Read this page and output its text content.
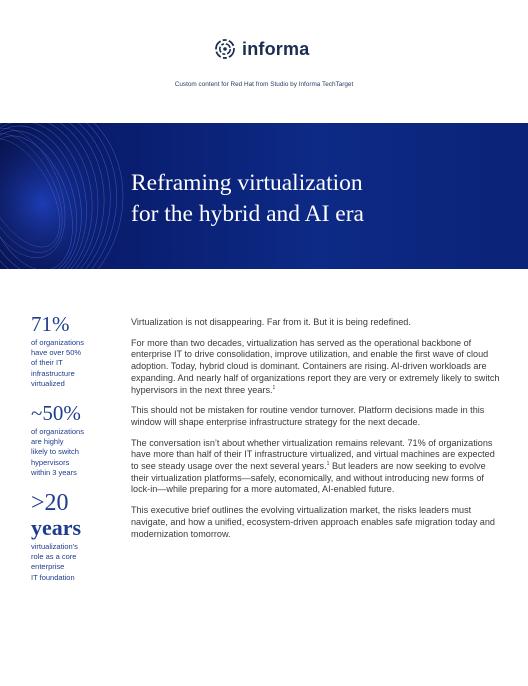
informa
Custom content for Red Hat from Studio by Informa TechTarget
Reframing virtualization
for the hybrid and AI era
71%
of organizations
have over 50%
of their IT
infrastructure
virtualized
~50%
of organizations
are highly
likely to switch
hypervisors
within 3 years
>20
years
virtualization's
role as a core
enterprise
IT foundation

Virtualization is not disappearing. Far from it. But it is being redefined.

For more than two decades, virtualization has served as the operational backbone of enterprise IT to drive consolidation, improve utilization, and enable the first wave of cloud adoption. Today, hybrid cloud is dominant. Containers are rising. AI-driven workloads are expanding. And nearly half of organizations report they are very or extremely likely to switch hypervisors in the next three years.$^1$

This should not be mistaken for routine vendor turnover. Platform decisions made in this window will shape enterprise infrastructure strategy for the next decade.

The conversation isn’t about whether virtualization remains relevant. 71% of organizations have more than half of their IT infrastructure virtualized, and virtual machines are expected to see steady usage over the next several years.$^1$ But leaders are now seeking to evolve their virtualization platforms—safely, economically, and without introducing new forms of lock-in—while preparing for a more automated, AI-enabled future.

This executive brief outlines the evolving virtualization market, the risks leaders must navigate, and how a unified, ecosystem-driven approach enables safe migration today and modernization tomorrow.
